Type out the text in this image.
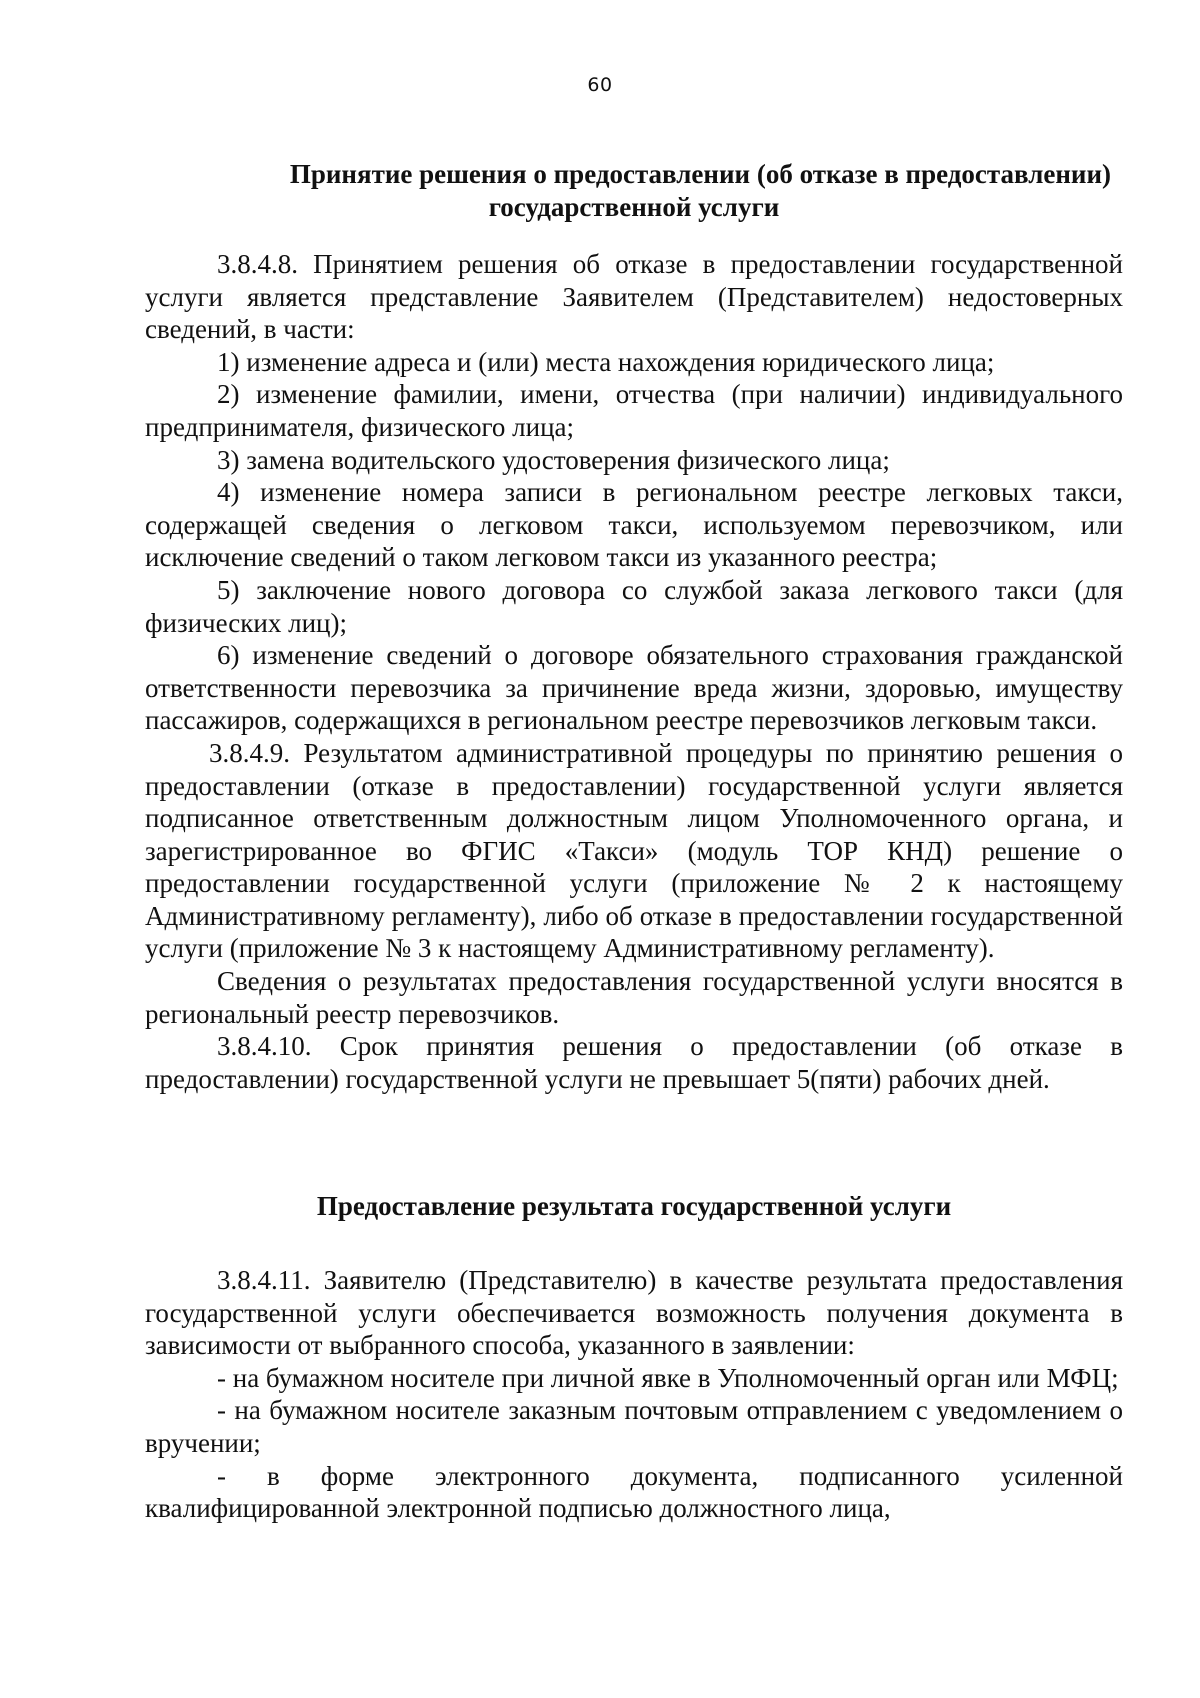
60
Принятие решения о предоставлении (об отказе в предоставлении)
государственной услуги

3.8.4.8. Принятием решения об отказе в предоставлении государственной услуги является представление Заявителем (Представителем) недостоверных сведений, в части:

1) изменение адреса и (или) места нахождения юридического лица;

2) изменение фамилии, имени, отчества (при наличии) индивидуального предпринимателя, физического лица;

3) замена водительского удостоверения физического лица;

4) изменение номера записи в региональном реестре легковых такси, содержащей сведения о легковом такси, используемом перевозчиком, или исключение сведений о таком легковом такси из указанного реестра;

5) заключение нового договора со службой заказа легкового такси (для физических лиц);

6) изменение сведений о договоре обязательного страхования гражданской ответственности перевозчика за причинение вреда жизни, здоровью, имуществу пассажиров, содержащихся в региональном реестре перевозчиков легковым такси.

3.8.4.9. Результатом административной процедуры по принятию решения о предоставлении (отказе в предоставлении) государственной услуги является подписанное ответственным должностным лицом Уполномоченного органа, и зарегистрированное во ФГИС «Такси» (модуль ТОР КНД) решение о предоставлении государственной услуги (приложение № 2 к настоящему Административному регламенту), либо об отказе в предоставлении государственной услуги (приложение № 3 к настоящему Административному регламенту).

Сведения о результатах предоставления государственной услуги вносятся в региональный реестр перевозчиков.

3.8.4.10. Срок принятия решения о предоставлении (об отказе в предоставлении) государственной услуги не превышает 5(пяти) рабочих дней.

Предоставление результата государственной услуги

3.8.4.11. Заявителю (Представителю) в качестве результата предоставления государственной услуги обеспечивается возможность получения документа в зависимости от выбранного способа, указанного в заявлении:

- на бумажном носителе при личной явке в Уполномоченный орган или МФЦ;

- на бумажном носителе заказным почтовым отправлением с уведомлением о вручении;

- в форме электронного документа, подписанного усиленной квалифицированной электронной подписью должностного лица,
